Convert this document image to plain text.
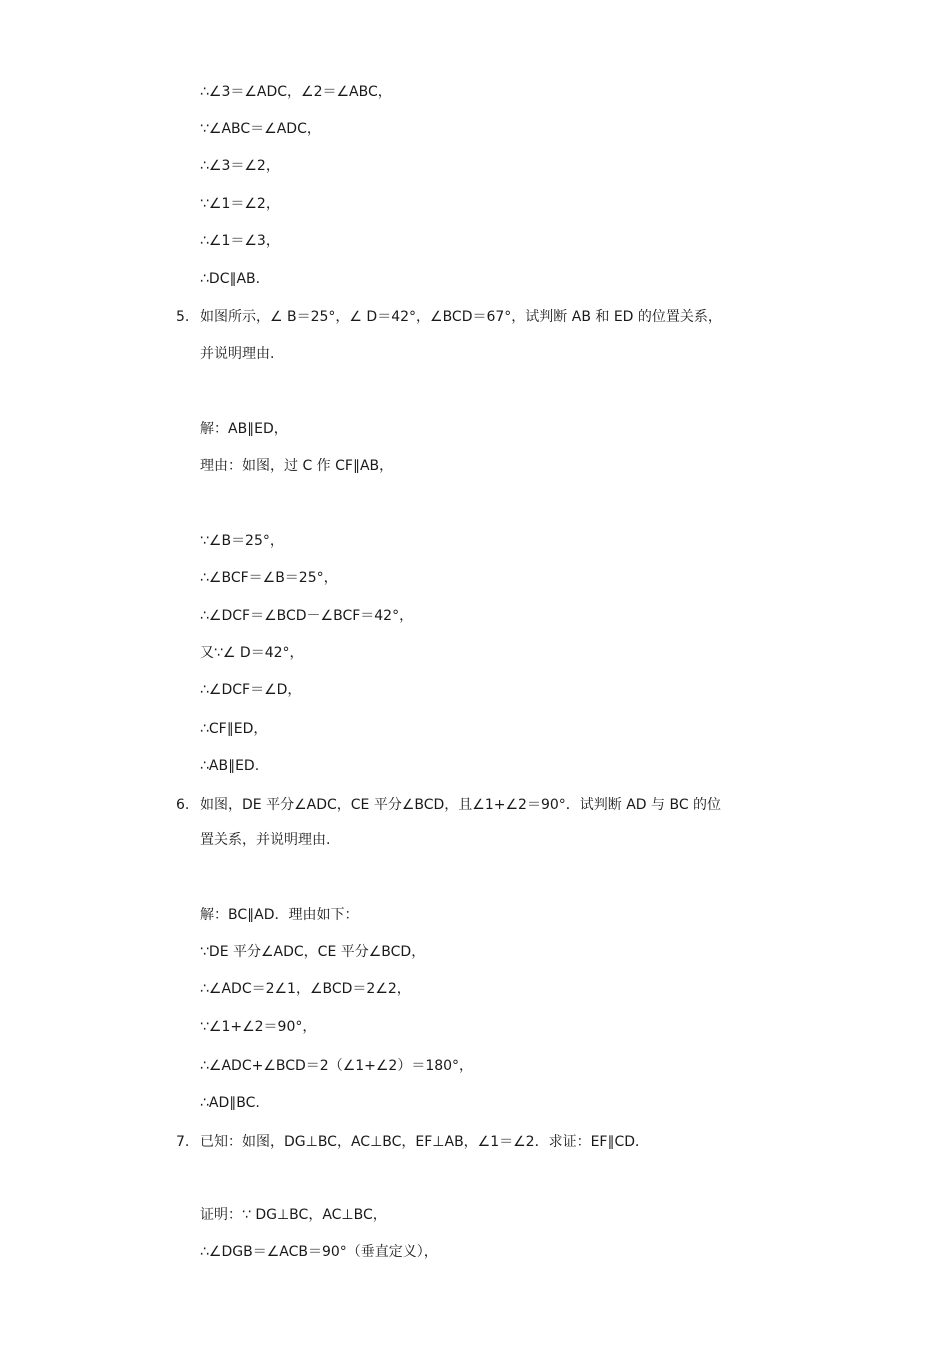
∴∠3＝∠ADC，∠2＝∠ABC，
∵∠ABC＝∠ADC，
∴∠3＝∠2，
∵∠1＝∠2，
∴∠1＝∠3，
∴DC∥AB.
5. 如图所示，∠ B＝25°，∠ D＝42°，∠BCD＝67°，试判断 AB 和 ED 的位置关系，
并说明理由.
解：AB∥ED，
理由：如图，过 C 作 CF∥AB，
∵∠B＝25°，
∴∠BCF＝∠B＝25°，
∴∠DCF＝∠BCD－∠BCF＝42°，
又∵∠ D＝42°，
∴∠DCF＝∠D，
∴CF∥ED，
∴AB∥ED.
6. 如图，DE 平分∠ADC，CE 平分∠BCD，且∠1+∠2＝90°．试判断 AD 与 BC 的位
置关系，并说明理由.
解：BC∥AD．理由如下：
∵DE 平分∠ADC，CE 平分∠BCD，
∴∠ADC＝2∠1，∠BCD＝2∠2，
∵∠1+∠2＝90°，
∴∠ADC+∠BCD＝2（∠1+∠2）＝180°，
∴AD∥BC.
7. 已知：如图，DG⊥BC，AC⊥BC，EF⊥AB，∠1＝∠2．求证：EF∥CD．
证明：∵ DG⊥BC，AC⊥BC，
∴∠DGB＝∠ACB＝90°（垂直定义），
